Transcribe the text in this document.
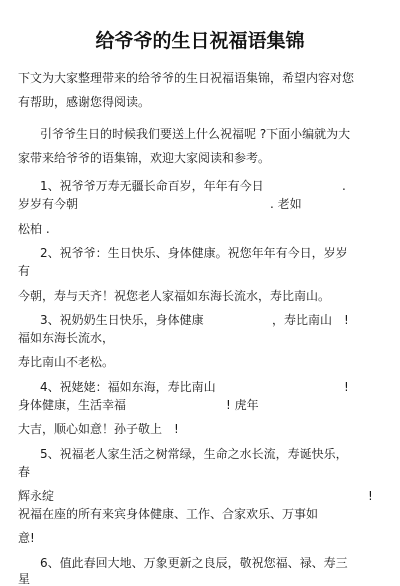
给爷爷的生日祝福语集锦
下文为大家整理带来的给爷爷的生日祝福语集锦，希望内容对您
有帮助，感谢您得阅读。
引爷爷生日的时候我们要送上什么祝福呢 ?下面小编就为大
家带来给爷爷的语集锦，欢迎大家阅读和参考。
1、祝爷爷万寿无疆长命百岁，年年有今日	.
岁岁有今朝	. 老如
松柏 .
2、祝爷爷：生日快乐、身体健康。祝您年年有今日，岁岁
有
今朝，寿与天齐！祝您老人家福如东海长流水，寿比南山。
3、祝奶奶生日快乐，身体健康	，寿比南山　!
福如东海长流水，
寿比南山不老松。
4、祝姥姥：福如东海，寿比南山	!
身体健康，生活幸福	! 虎年
大吉，顺心如意！孙子敬上　!
5、祝福老人家生活之树常绿，生命之水长流，寿诞快乐，
春
辉永绽	!
祝福在座的所有来宾身体健康、工作、合家欢乐、万事如
意!
6、值此春回大地、万象更新之良辰，敬祝您福、禄、寿三
星
